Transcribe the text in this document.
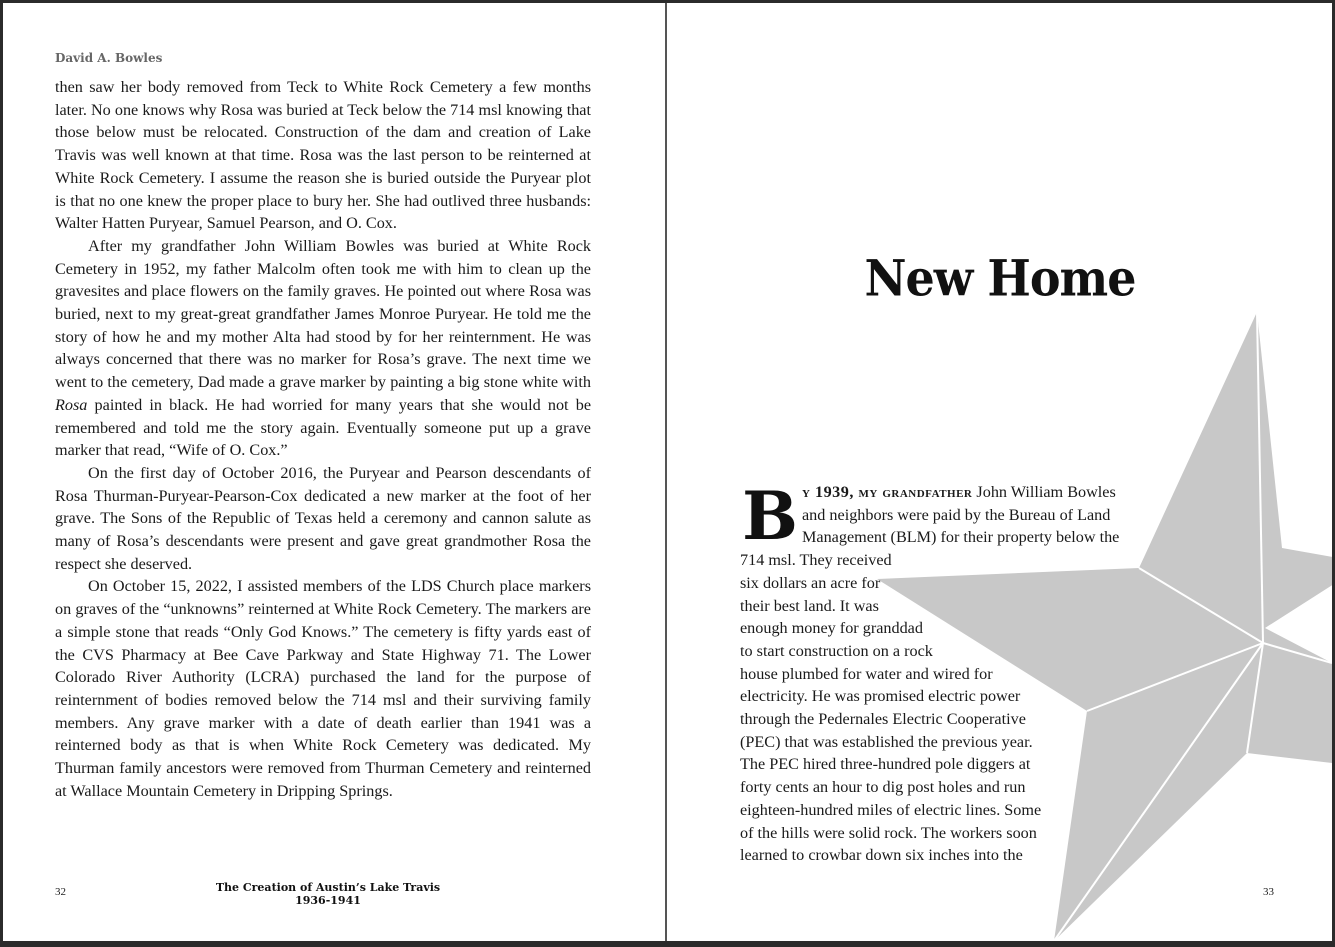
David A. Bowles

then saw her body removed from Teck to White Rock Cemetery a few months later. No one knows why Rosa was buried at Teck below the 714 msl knowing that those below must be relocated. Construction of the dam and creation of Lake Travis was well known at that time. Rosa was the last person to be reinterned at White Rock Cemetery. I assume the reason she is buried outside the Puryear plot is that no one knew the proper place to bury her. She had outlived three husbands: Walter Hatten Puryear, Samuel Pearson, and O. Cox.

After my grandfather John William Bowles was buried at White Rock Cemetery in 1952, my father Malcolm often took me with him to clean up the gravesites and place flowers on the family graves. He pointed out where Rosa was buried, next to my great-great grandfather James Monroe Puryear. He told me the story of how he and my mother Alta had stood by for her reinternment. He was always concerned that there was no marker for Rosa’s grave. The next time we went to the cemetery, Dad made a grave marker by painting a big stone white with Rosa painted in black. He had worried for many years that she would not be remembered and told me the story again. Eventually someone put up a grave marker that read, “Wife of O. Cox.”

On the first day of October 2016, the Puryear and Pearson descendants of Rosa Thurman-Puryear-Pearson-Cox dedicated a new marker at the foot of her grave. The Sons of the Republic of Texas held a ceremony and cannon salute as many of Rosa’s descendants were present and gave great grandmother Rosa the respect she deserved.

On October 15, 2022, I assisted members of the LDS Church place markers on graves of the “unknowns” reinterned at White Rock Cemetery. The markers are a simple stone that reads “Only God Knows.” The cemetery is fifty yards east of the CVS Pharmacy at Bee Cave Parkway and State Highway 71. The Lower Colorado River Authority (LCRA) purchased the land for the purpose of reinternment of bodies removed below the 714 msl and their surviving family members. Any grave marker with a date of death earlier than 1941 was a reinterned body as that is when White Rock Cemetery was dedicated. My Thurman family ancestors were removed from Thurman Cemetery and reinterned at Wallace Mountain Cemetery in Dripping Springs.

32	The Creation of Austin’s Lake Travis
1936-1941
New Home
B y 1939, my grandfather John William Bowles
and neighbors were paid by the Bureau of Land
Management (BLM) for their property below the
714 msl. They received
six dollars an acre for
their best land. It was
enough money for granddad
to start construction on a rock
house plumbed for water and wired for
electricity. He was promised electric power
through the Pedernales Electric Cooperative
(PEC) that was established the previous year.
The PEC hired three-hundred pole diggers at
forty cents an hour to dig post holes and run
eighteen-hundred miles of electric lines. Some
of the hills were solid rock. The workers soon
learned to crowbar down six inches into the
33
